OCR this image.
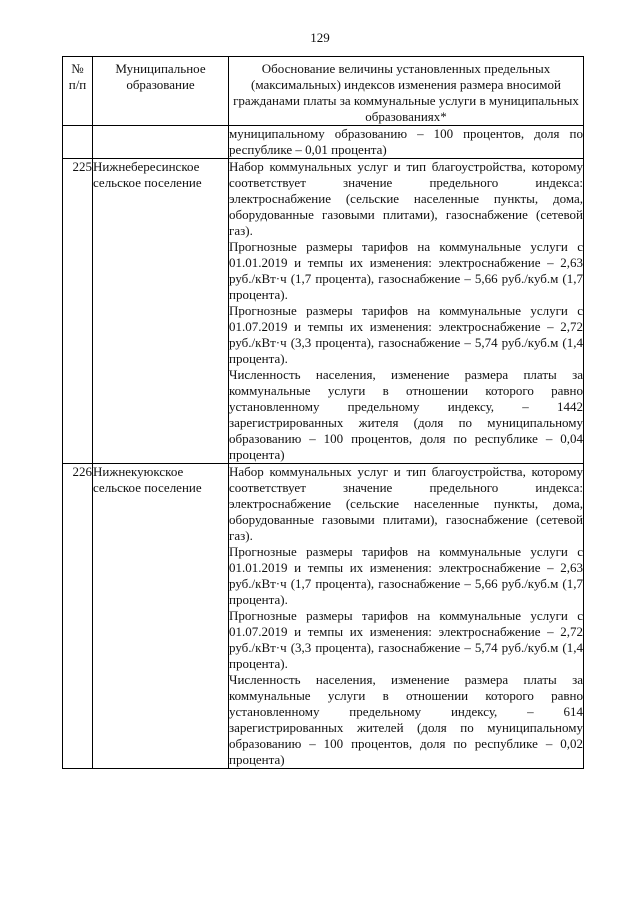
129
№ п/п	Муниципальное образование	Обоснование величины установленных предельных (максимальных) индексов изменения размера вносимой гражданами платы за коммунальные услуги в муниципальных образованиях*

		муниципальному образованию – 100 процентов, доля по республике – 0,01 процента)
225	Нижнебересинское сельское поселение	Набор коммунальных услуг и тип благоустройства, которому соответствует значение предельного индекса: электроснабжение (сельские населенные пункты, дома, оборудованные газовыми плитами), газоснабжение (сетевой газ).
Прогнозные размеры тарифов на коммунальные услуги с 01.01.2019 и темпы их изменения: электроснабжение – 2,63 руб./кВт·ч (1,7 процента), газоснабжение – 5,66 руб./куб.м (1,7 процента).
Прогнозные размеры тарифов на коммунальные услуги с 01.07.2019 и темпы их изменения: электроснабжение – 2,72 руб./кВт·ч (3,3 процента), газоснабжение – 5,74 руб./куб.м (1,4 процента).
Численность населения, изменение размера платы за коммунальные услуги в отношении которого равно установленному предельному индексу, – 1442 зарегистрированных жителя (доля по муниципальному образованию – 100 процентов, доля по республике – 0,04 процента)

226	Нижнекуюкское сельское поселение	Набор коммунальных услуг и тип благоустройства, которому соответствует значение предельного индекса: электроснабжение (сельские населенные пункты, дома, оборудованные газовыми плитами), газоснабжение (сетевой газ).
Прогнозные размеры тарифов на коммунальные услуги с 01.01.2019 и темпы их изменения: электроснабжение – 2,63 руб./кВт·ч (1,7 процента), газоснабжение – 5,66 руб./куб.м (1,7 процента).
Прогнозные размеры тарифов на коммунальные услуги с 01.07.2019 и темпы их изменения: электроснабжение – 2,72 руб./кВт·ч (3,3 процента), газоснабжение – 5,74 руб./куб.м (1,4 процента).
Численность населения, изменение размера платы за коммунальные услуги в отношении которого равно установленному предельному индексу, – 614 зарегистрированных жителей (доля по муниципальному образованию – 100 процентов, доля по республике – 0,02 процента)
